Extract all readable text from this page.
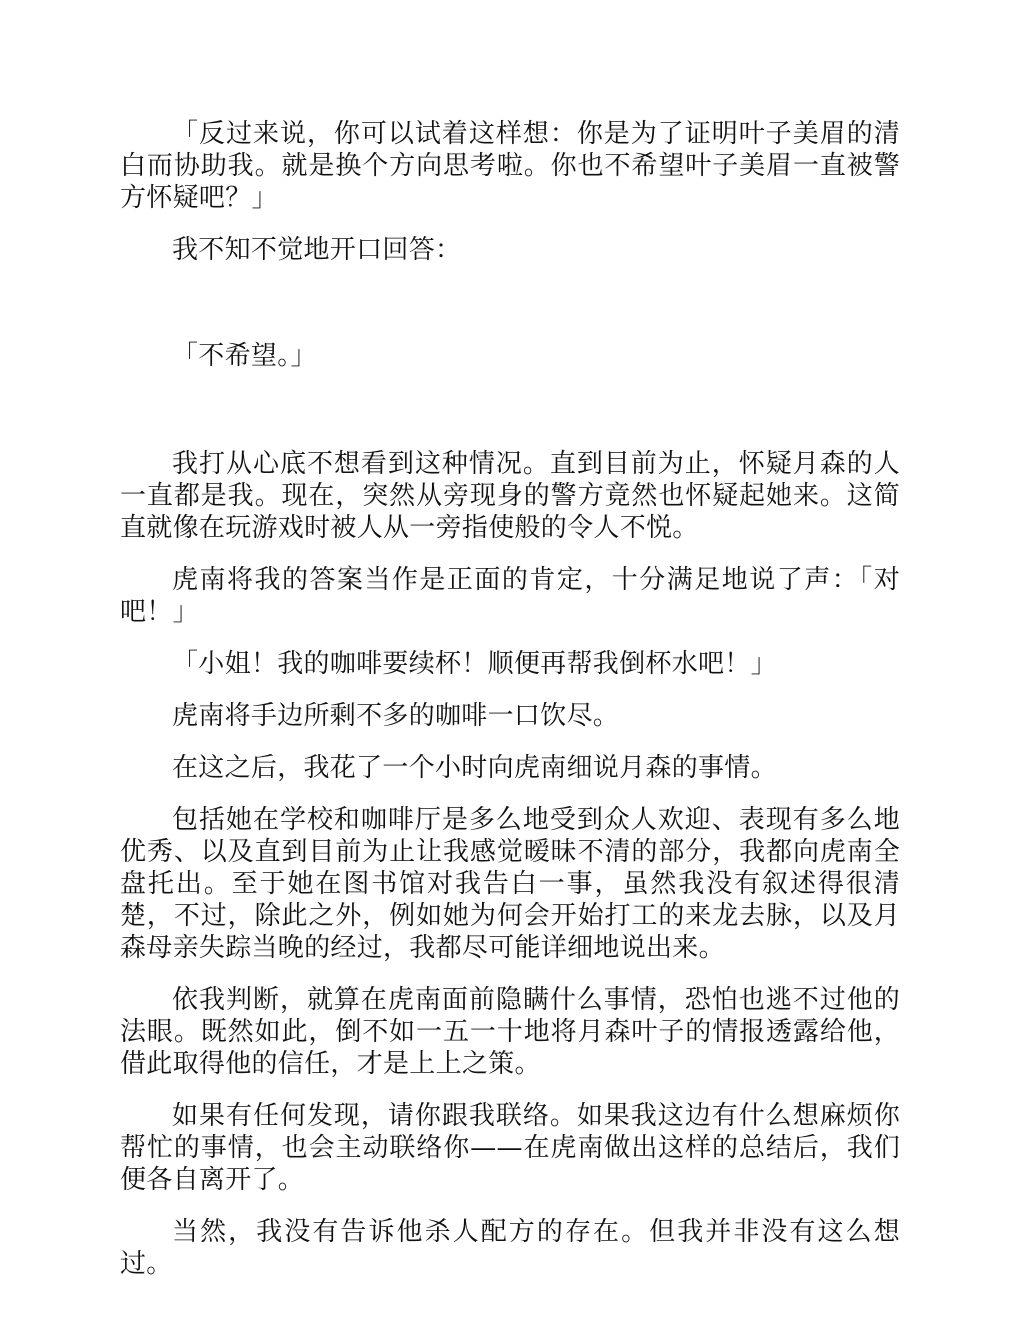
「反过来说，你可以试着这样想：你是为了证明叶子美眉的清白而协助我。就是换个方向思考啦。你也不希望叶子美眉一直被警方怀疑吧？」

我不知不觉地开口回答：

「不希望。」

我打从心底不想看到这种情况。直到目前为止，怀疑月森的人一直都是我。现在，突然从旁现身的警方竟然也怀疑起她来。这简直就像在玩游戏时被人从一旁指使般的令人不悦。

虎南将我的答案当作是正面的肯定，十分满足地说了声：「对吧！」

「小姐！我的咖啡要续杯！顺便再帮我倒杯水吧！」

虎南将手边所剩不多的咖啡一口饮尽。

在这之后，我花了一个小时向虎南细说月森的事情。

包括她在学校和咖啡厅是多么地受到众人欢迎、表现有多么地优秀、以及直到目前为止让我感觉暧昧不清的部分，我都向虎南全盘托出。至于她在图书馆对我告白一事，虽然我没有叙述得很清楚，不过，除此之外，例如她为何会开始打工的来龙去脉，以及月森母亲失踪当晚的经过，我都尽可能详细地说出来。

依我判断，就算在虎南面前隐瞒什么事情，恐怕也逃不过他的法眼。既然如此，倒不如一五一十地将月森叶子的情报透露给他，借此取得他的信任，才是上上之策。

如果有任何发现，请你跟我联络。如果我这边有什么想麻烦你帮忙的事情，也会主动联络你——在虎南做出这样的总结后，我们便各自离开了。

当然，我没有告诉他杀人配方的存在。但我并非没有这么想过。
